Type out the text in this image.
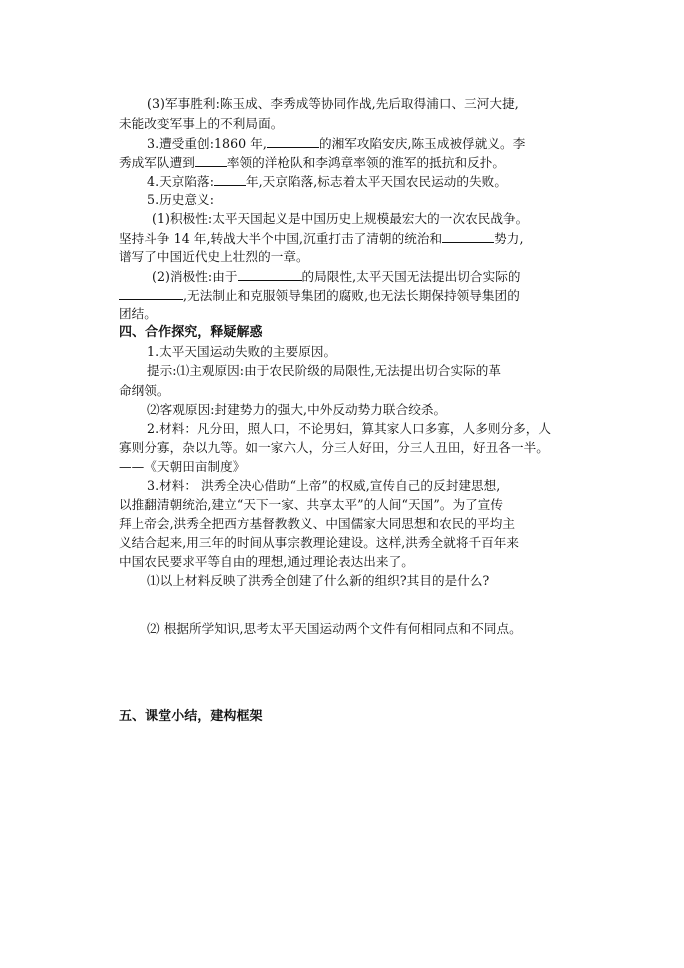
(3)军事胜利:陈玉成、李秀成等协同作战,先后取得浦口、三河大捷,
未能改变军事上的不利局面。
3.遭受重创:1860 年,	的湘军攻陷安庆,陈玉成被俘就义。李
秀成军队遭到	率领的洋枪队和李鸿章率领的淮军的抵抗和反扑。
4.天京陷落:	年,天京陷落,标志着太平天国农民运动的失败。
5.历史意义:
(1)积极性:太平天国起义是中国历史上规模最宏大的一次农民战争。
坚持斗争 14 年,转战大半个中国,沉重打击了清朝的统治和	势力,
谱写了中国近代史上壮烈的一章。
(2)消极性:由于	的局限性,太平天国无法提出切合实际的
,无法制止和克服领导集团的腐败,也无法长期保持领导集团的
团结。
四、合作探究，释疑解惑
1.太平天国运动失败的主要原因。
提示:⑴主观原因:由于农民阶级的局限性,无法提出切合实际的革
命纲领。
⑵客观原因:封建势力的强大,中外反动势力联合绞杀。
2.材料：凡分田，照人口，不论男妇，算其家人口多寡，人多则分多，人
寡则分寡，杂以九等。如一家六人，分三人好田，分三人丑田，好丑各一半。
——《天朝田亩制度》
3.材料： 洪秀全决心借助“上帝”的权威,宣传自己的反封建思想,
以推翻清朝统治,建立“天下一家、共享太平”的人间“天国”。为了宣传
拜上帝会,洪秀全把西方基督教教义、中国儒家大同思想和农民的平均主
义结合起来,用三年的时间从事宗教理论建设。这样,洪秀全就将千百年来
中国农民要求平等自由的理想,通过理论表达出来了。
⑴以上材料反映了洪秀全创建了什么新的组织?其目的是什么?
⑵ 根据所学知识,思考太平天国运动两个文件有何相同点和不同点。
五、课堂小结，建构框架
